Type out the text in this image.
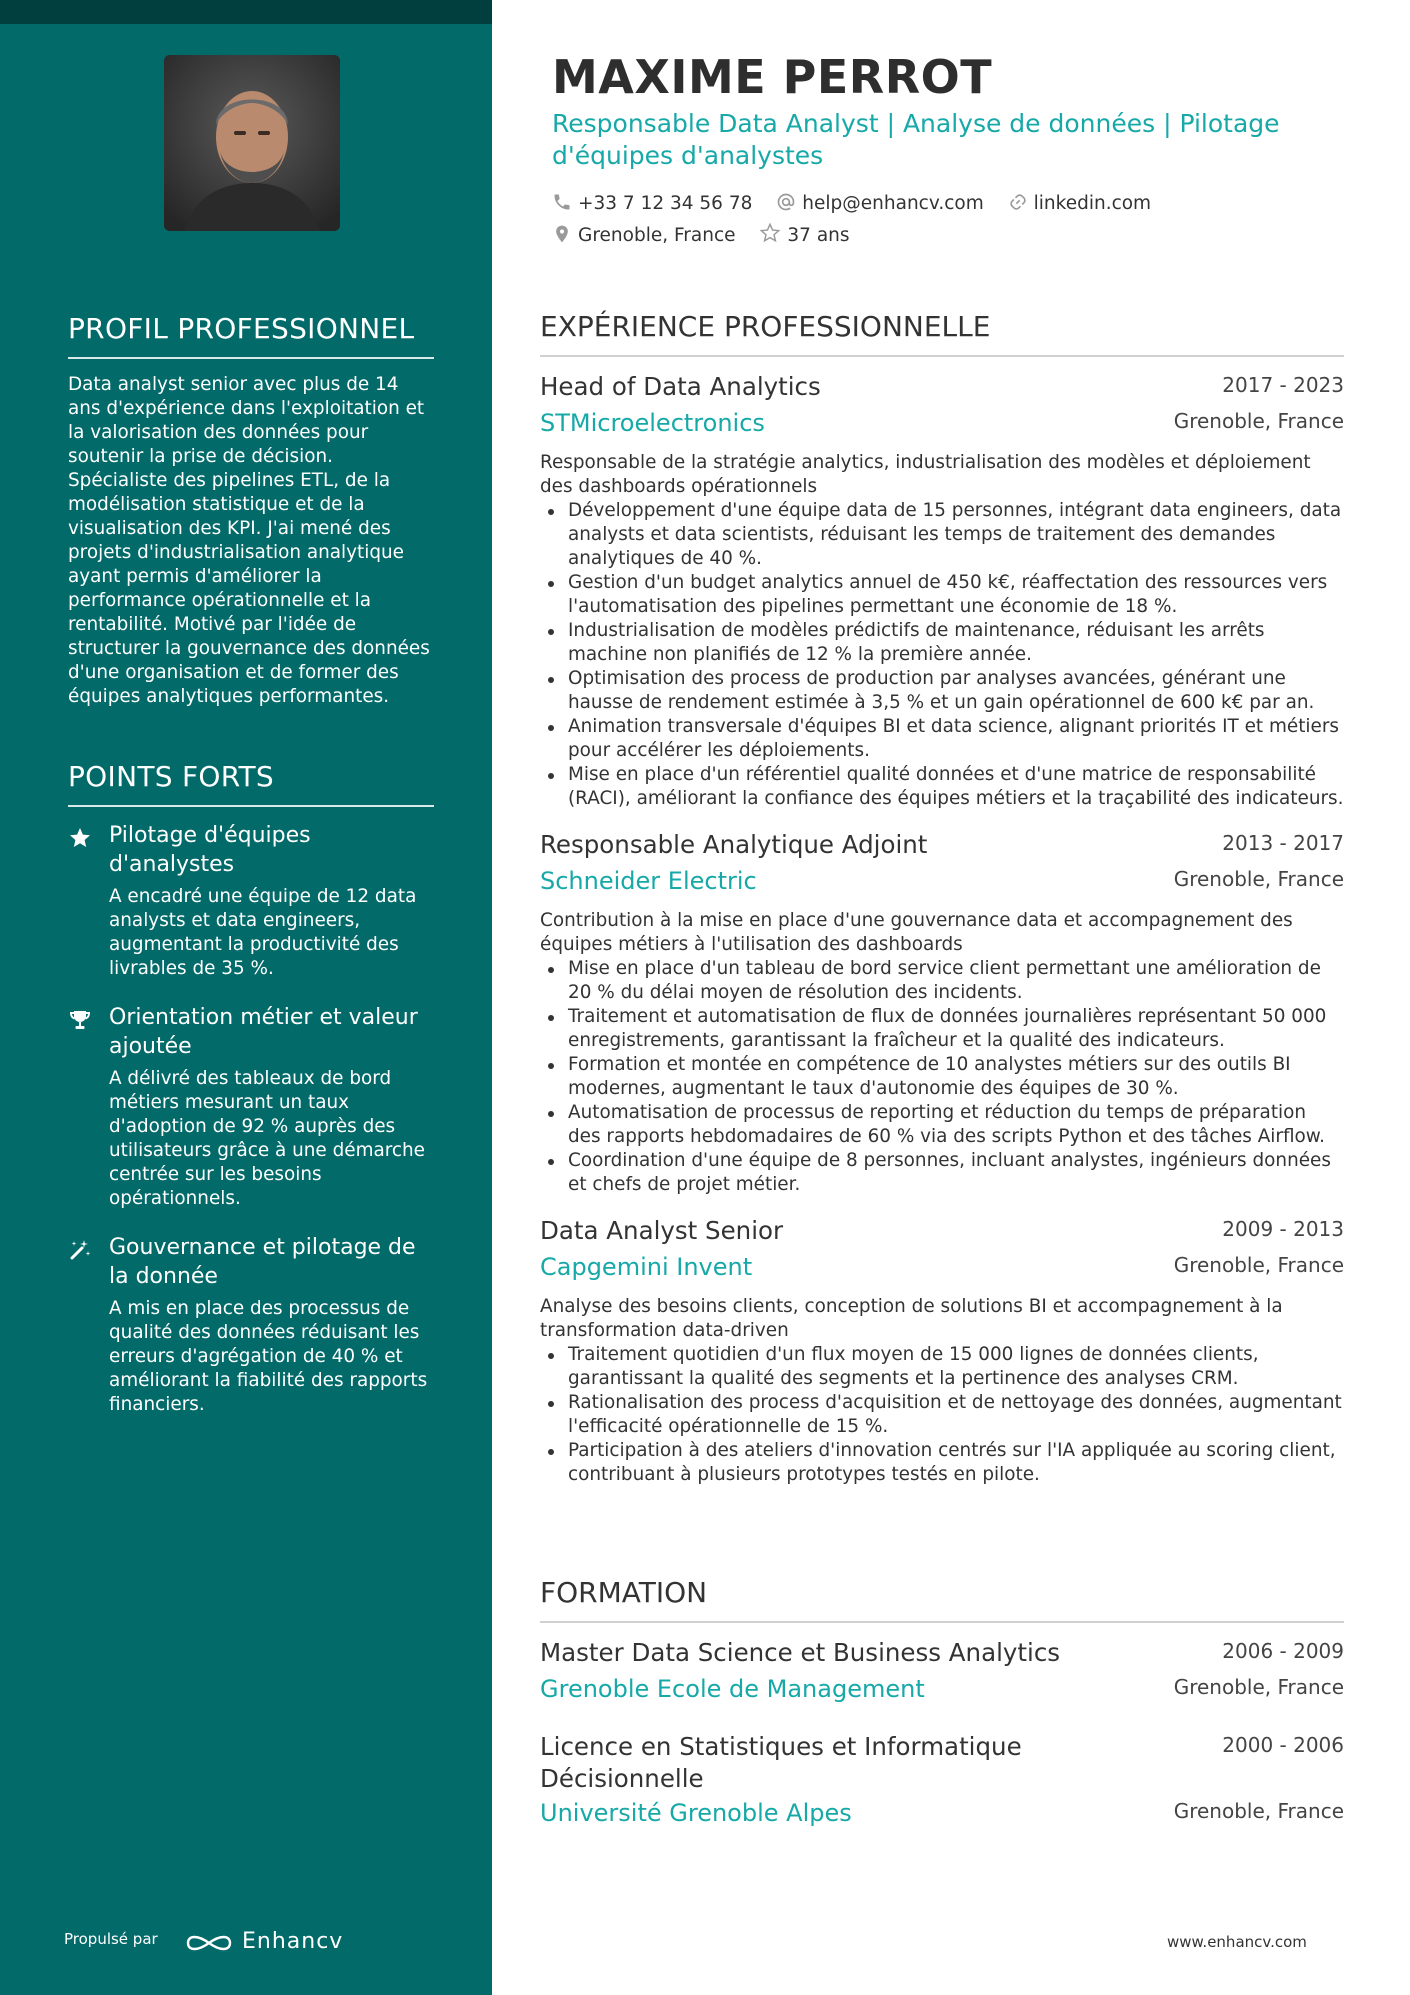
PROFIL PROFESSIONNEL
Data analyst senior avec plus de 14 ans d'expérience dans l'exploitation et la valorisation des données pour soutenir la prise de décision. Spécialiste des pipelines ETL, de la modélisation statistique et de la visualisation des KPI. J'ai mené des projets d'industrialisation analytique ayant permis d'améliorer la performance opérationnelle et la rentabilité. Motivé par l'idée de structurer la gouvernance des données d'une organisation et de former des équipes analytiques performantes.
POINTS FORTS
Pilotage d'équipes d'analystes
A encadré une équipe de 12 data analysts et data engineers, augmentant la productivité des livrables de 35 %.
Orientation métier et valeur ajoutée
A délivré des tableaux de bord métiers mesurant un taux d'adoption de 92 % auprès des utilisateurs grâce à une démarche centrée sur les besoins opérationnels.
Gouvernance et pilotage de la donnée
A mis en place des processus de qualité des données réduisant les erreurs d'agrégation de 40 % et améliorant la fiabilité des rapports financiers.
Propulsé par	Enhancv
MAXIME PERROT
Responsable Data Analyst | Analyse de données | Pilotage d'équipes d'analystes
+33 7 12 34 56 78	help@enhancv.com	linkedin.com
Grenoble, France	37 ans
EXPÉRIENCE PROFESSIONNELLE
Head of Data Analytics	2017 - 2023
STMicroelectronics	Grenoble, France
Responsable de la stratégie analytics, industrialisation des modèles et déploiement des dashboards opérationnels
Développement d'une équipe data de 15 personnes, intégrant data engineers, data analysts et data scientists, réduisant les temps de traitement des demandes analytiques de 40 %.
Gestion d'un budget analytics annuel de 450 k€, réaffectation des ressources vers l'automatisation des pipelines permettant une économie de 18 %.
Industrialisation de modèles prédictifs de maintenance, réduisant les arrêts machine non planifiés de 12 % la première année.
Optimisation des process de production par analyses avancées, générant une hausse de rendement estimée à 3,5 % et un gain opérationnel de 600 k€ par an.
Animation transversale d'équipes BI et data science, alignant priorités IT et métiers pour accélérer les déploiements.
Mise en place d'un référentiel qualité données et d'une matrice de responsabilité (RACI), améliorant la confiance des équipes métiers et la traçabilité des indicateurs.
Responsable Analytique Adjoint	2013 - 2017
Schneider Electric	Grenoble, France
Contribution à la mise en place d'une gouvernance data et accompagnement des équipes métiers à l'utilisation des dashboards
Mise en place d'un tableau de bord service client permettant une amélioration de 20 % du délai moyen de résolution des incidents.
Traitement et automatisation de flux de données journalières représentant 50 000 enregistrements, garantissant la fraîcheur et la qualité des indicateurs.
Formation et montée en compétence de 10 analystes métiers sur des outils BI modernes, augmentant le taux d'autonomie des équipes de 30 %.
Automatisation de processus de reporting et réduction du temps de préparation des rapports hebdomadaires de 60 % via des scripts Python et des tâches Airflow.
Coordination d'une équipe de 8 personnes, incluant analystes, ingénieurs données et chefs de projet métier.
Data Analyst Senior	2009 - 2013
Capgemini Invent	Grenoble, France
Analyse des besoins clients, conception de solutions BI et accompagnement à la transformation data-driven
Traitement quotidien d'un flux moyen de 15 000 lignes de données clients, garantissant la qualité des segments et la pertinence des analyses CRM.
Rationalisation des process d'acquisition et de nettoyage des données, augmentant l'efficacité opérationnelle de 15 %.
Participation à des ateliers d'innovation centrés sur l'IA appliquée au scoring client, contribuant à plusieurs prototypes testés en pilote.
FORMATION
Master Data Science et Business Analytics	2006 - 2009
Grenoble Ecole de Management	Grenoble, France
Licence en Statistiques et Informatique Décisionnelle
2000 - 2006
Université Grenoble Alpes	Grenoble, France
www.enhancv.com
